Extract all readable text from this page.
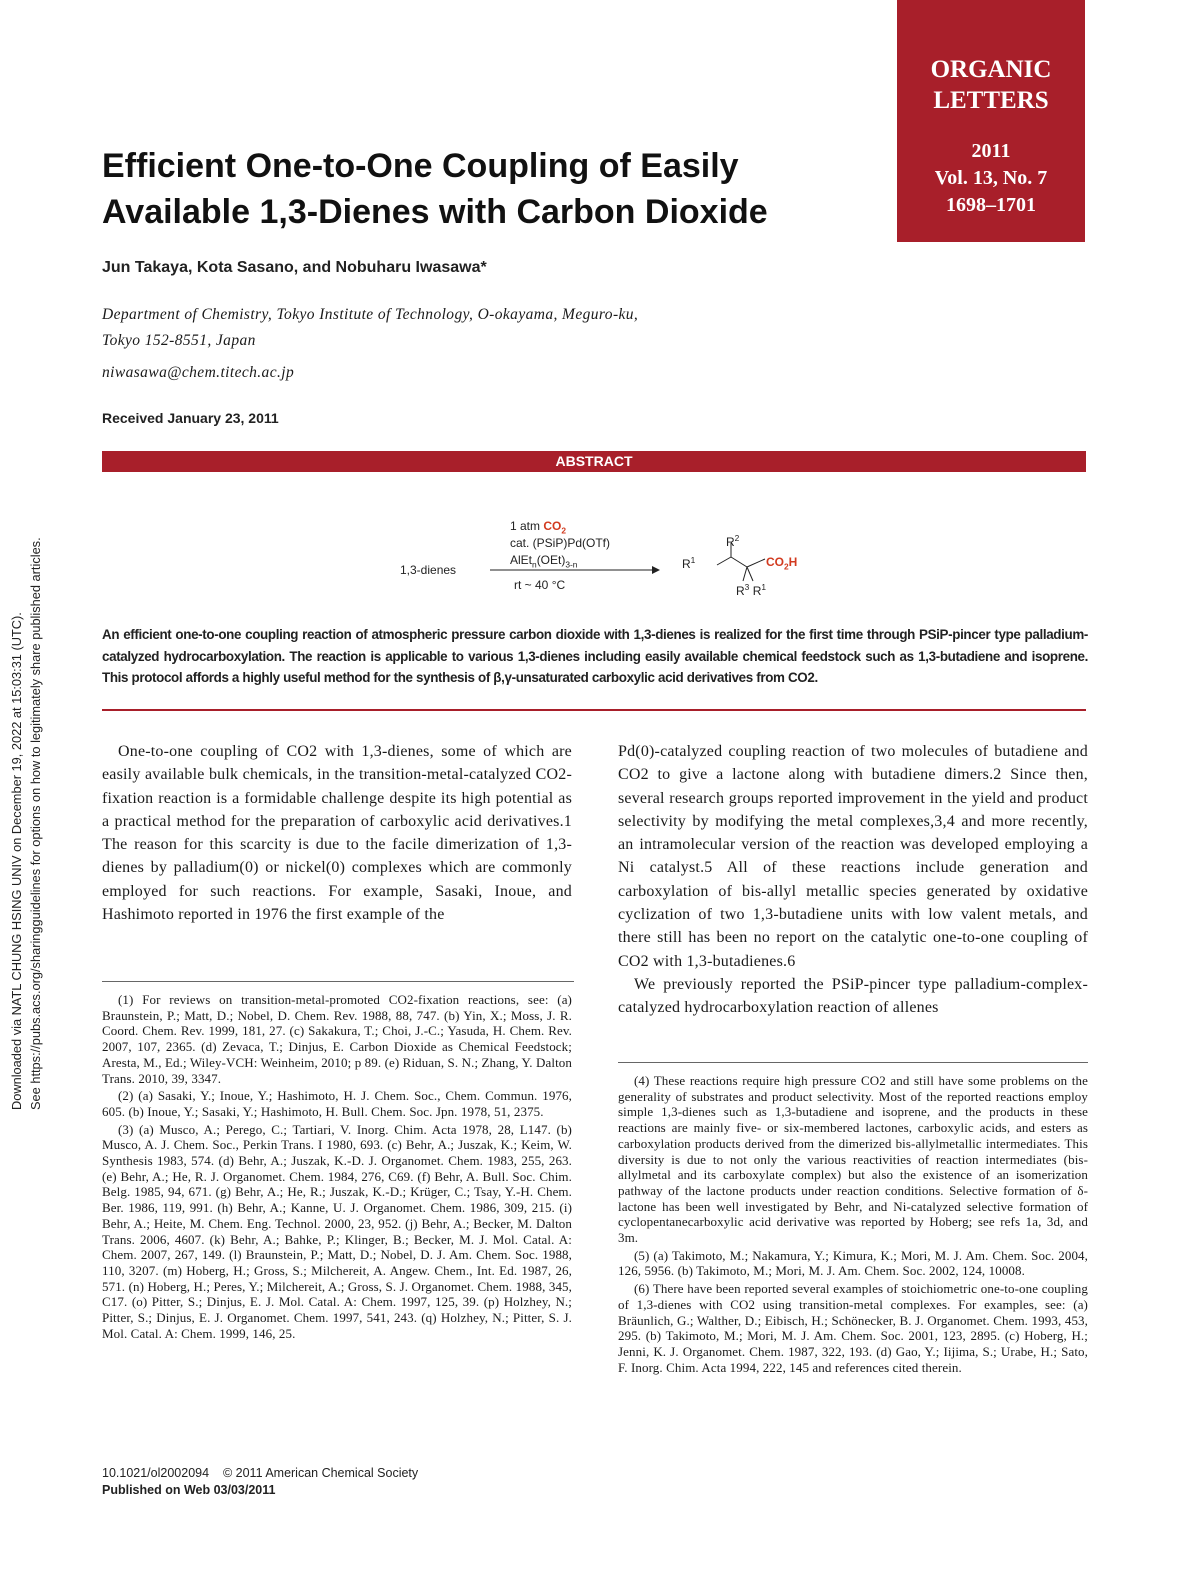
ORGANIC
LETTERS
2011
Vol. 13, No. 7
1698–1701
Efficient One-to-One Coupling of Easily
Available 1,3-Dienes with Carbon Dioxide
Jun Takaya, Kota Sasano, and Nobuharu Iwasawa*
Department of Chemistry, Tokyo Institute of Technology, O-okayama, Meguro-ku,
Tokyo 152-8551, Japan
niwasawa@chem.titech.ac.jp
Received January 23, 2011
ABSTRACT
1 atm $CO_2$
cat. (PSiP)Pd(OTf)
$AlEt_n(OEt)_{3-n}$
rt ~ 40 °C
1,3-dienes	$R^1$
$R^2$
$CO_2H$
$R^3$ $R^1$
An efficient one-to-one coupling reaction of atmospheric pressure carbon dioxide with 1,3-dienes is realized for the first time through PSiP-pincer type palladium-catalyzed hydrocarboxylation. The reaction is applicable to various 1,3-dienes including easily available chemical feedstock such as 1,3-butadiene and isoprene. This protocol affords a highly useful method for the synthesis of β,γ-unsaturated carboxylic acid derivatives from CO2.

One-to-one coupling of CO2 with 1,3-dienes, some of which are easily available bulk chemicals, in the transition-metal-catalyzed CO2-fixation reaction is a formidable challenge despite its high potential as a practical method for the preparation of carboxylic acid derivatives.1 The reason for this scarcity is due to the facile dimerization of 1,3-dienes by palladium(0) or nickel(0) complexes which are commonly employed for such reactions. For example, Sasaki, Inoue, and Hashimoto reported in 1976 the first example of the

Pd(0)-catalyzed coupling reaction of two molecules of butadiene and CO2 to give a lactone along with butadiene dimers.2 Since then, several research groups reported improvement in the yield and product selectivity by modifying the metal complexes,3,4 and more recently, an intramolecular version of the reaction was developed employing a Ni catalyst.5 All of these reactions include generation and carboxylation of bis-allyl metallic species generated by oxidative cyclization of two 1,3-butadiene units with low valent metals, and there still has been no report on the catalytic one-to-one coupling of CO2 with 1,3-butadienes.6

We previously reported the PSiP-pincer type palladium-complex-catalyzed hydrocarboxylation reaction of allenes

(1) For reviews on transition-metal-promoted CO2-fixation reactions, see: (a) Braunstein, P.; Matt, D.; Nobel, D. Chem. Rev. 1988, 88, 747. (b) Yin, X.; Moss, J. R. Coord. Chem. Rev. 1999, 181, 27. (c) Sakakura, T.; Choi, J.-C.; Yasuda, H. Chem. Rev. 2007, 107, 2365. (d) Zevaca, T.; Dinjus, E. Carbon Dioxide as Chemical Feedstock; Aresta, M., Ed.; Wiley-VCH: Weinheim, 2010; p 89. (e) Riduan, S. N.; Zhang, Y. Dalton Trans. 2010, 39, 3347.

(2) (a) Sasaki, Y.; Inoue, Y.; Hashimoto, H. J. Chem. Soc., Chem. Commun. 1976, 605. (b) Inoue, Y.; Sasaki, Y.; Hashimoto, H. Bull. Chem. Soc. Jpn. 1978, 51, 2375.

(3) (a) Musco, A.; Perego, C.; Tartiari, V. Inorg. Chim. Acta 1978, 28, L147. (b) Musco, A. J. Chem. Soc., Perkin Trans. I 1980, 693. (c) Behr, A.; Juszak, K.; Keim, W. Synthesis 1983, 574. (d) Behr, A.; Juszak, K.-D. J. Organomet. Chem. 1983, 255, 263. (e) Behr, A.; He, R. J. Organomet. Chem. 1984, 276, C69. (f) Behr, A. Bull. Soc. Chim. Belg. 1985, 94, 671. (g) Behr, A.; He, R.; Juszak, K.-D.; Krüger, C.; Tsay, Y.-H. Chem. Ber. 1986, 119, 991. (h) Behr, A.; Kanne, U. J. Organomet. Chem. 1986, 309, 215. (i) Behr, A.; Heite, M. Chem. Eng. Technol. 2000, 23, 952. (j) Behr, A.; Becker, M. Dalton Trans. 2006, 4607. (k) Behr, A.; Bahke, P.; Klinger, B.; Becker, M. J. Mol. Catal. A: Chem. 2007, 267, 149. (l) Braunstein, P.; Matt, D.; Nobel, D. J. Am. Chem. Soc. 1988, 110, 3207. (m) Hoberg, H.; Gross, S.; Milchereit, A. Angew. Chem., Int. Ed. 1987, 26, 571. (n) Hoberg, H.; Peres, Y.; Milchereit, A.; Gross, S. J. Organomet. Chem. 1988, 345, C17. (o) Pitter, S.; Dinjus, E. J. Mol. Catal. A: Chem. 1997, 125, 39. (p) Holzhey, N.; Pitter, S.; Dinjus, E. J. Organomet. Chem. 1997, 541, 243. (q) Holzhey, N.; Pitter, S. J. Mol. Catal. A: Chem. 1999, 146, 25.

(4) These reactions require high pressure CO2 and still have some problems on the generality of substrates and product selectivity. Most of the reported reactions employ simple 1,3-dienes such as 1,3-butadiene and isoprene, and the products in these reactions are mainly five- or six-membered lactones, carboxylic acids, and esters as carboxylation products derived from the dimerized bis-allylmetallic intermediates. This diversity is due to not only the various reactivities of reaction intermediates (bis-allylmetal and its carboxylate complex) but also the existence of an isomerization pathway of the lactone products under reaction conditions. Selective formation of δ-lactone has been well investigated by Behr, and Ni-catalyzed selective formation of cyclopentanecarboxylic acid derivative was reported by Hoberg; see refs 1a, 3d, and 3m.

(5) (a) Takimoto, M.; Nakamura, Y.; Kimura, K.; Mori, M. J. Am. Chem. Soc. 2004, 126, 5956. (b) Takimoto, M.; Mori, M. J. Am. Chem. Soc. 2002, 124, 10008.

(6) There have been reported several examples of stoichiometric one-to-one coupling of 1,3-dienes with CO2 using transition-metal complexes. For examples, see: (a) Bräunlich, G.; Walther, D.; Eibisch, H.; Schönecker, B. J. Organomet. Chem. 1993, 453, 295. (b) Takimoto, M.; Mori, M. J. Am. Chem. Soc. 2001, 123, 2895. (c) Hoberg, H.; Jenni, K. J. Organomet. Chem. 1987, 322, 193. (d) Gao, Y.; Iijima, S.; Urabe, H.; Sato, F. Inorg. Chim. Acta 1994, 222, 145 and references cited therein.

10.1021/ol2002094 © 2011 American Chemical Society
Published on Web 03/03/2011
Downloaded via NATL CHUNG HSING UNIV on December 19, 2022 at 15:03:31 (UTC). See https://pubs.acs.org/sharingguidelines for options on how to legitimately share published articles.
